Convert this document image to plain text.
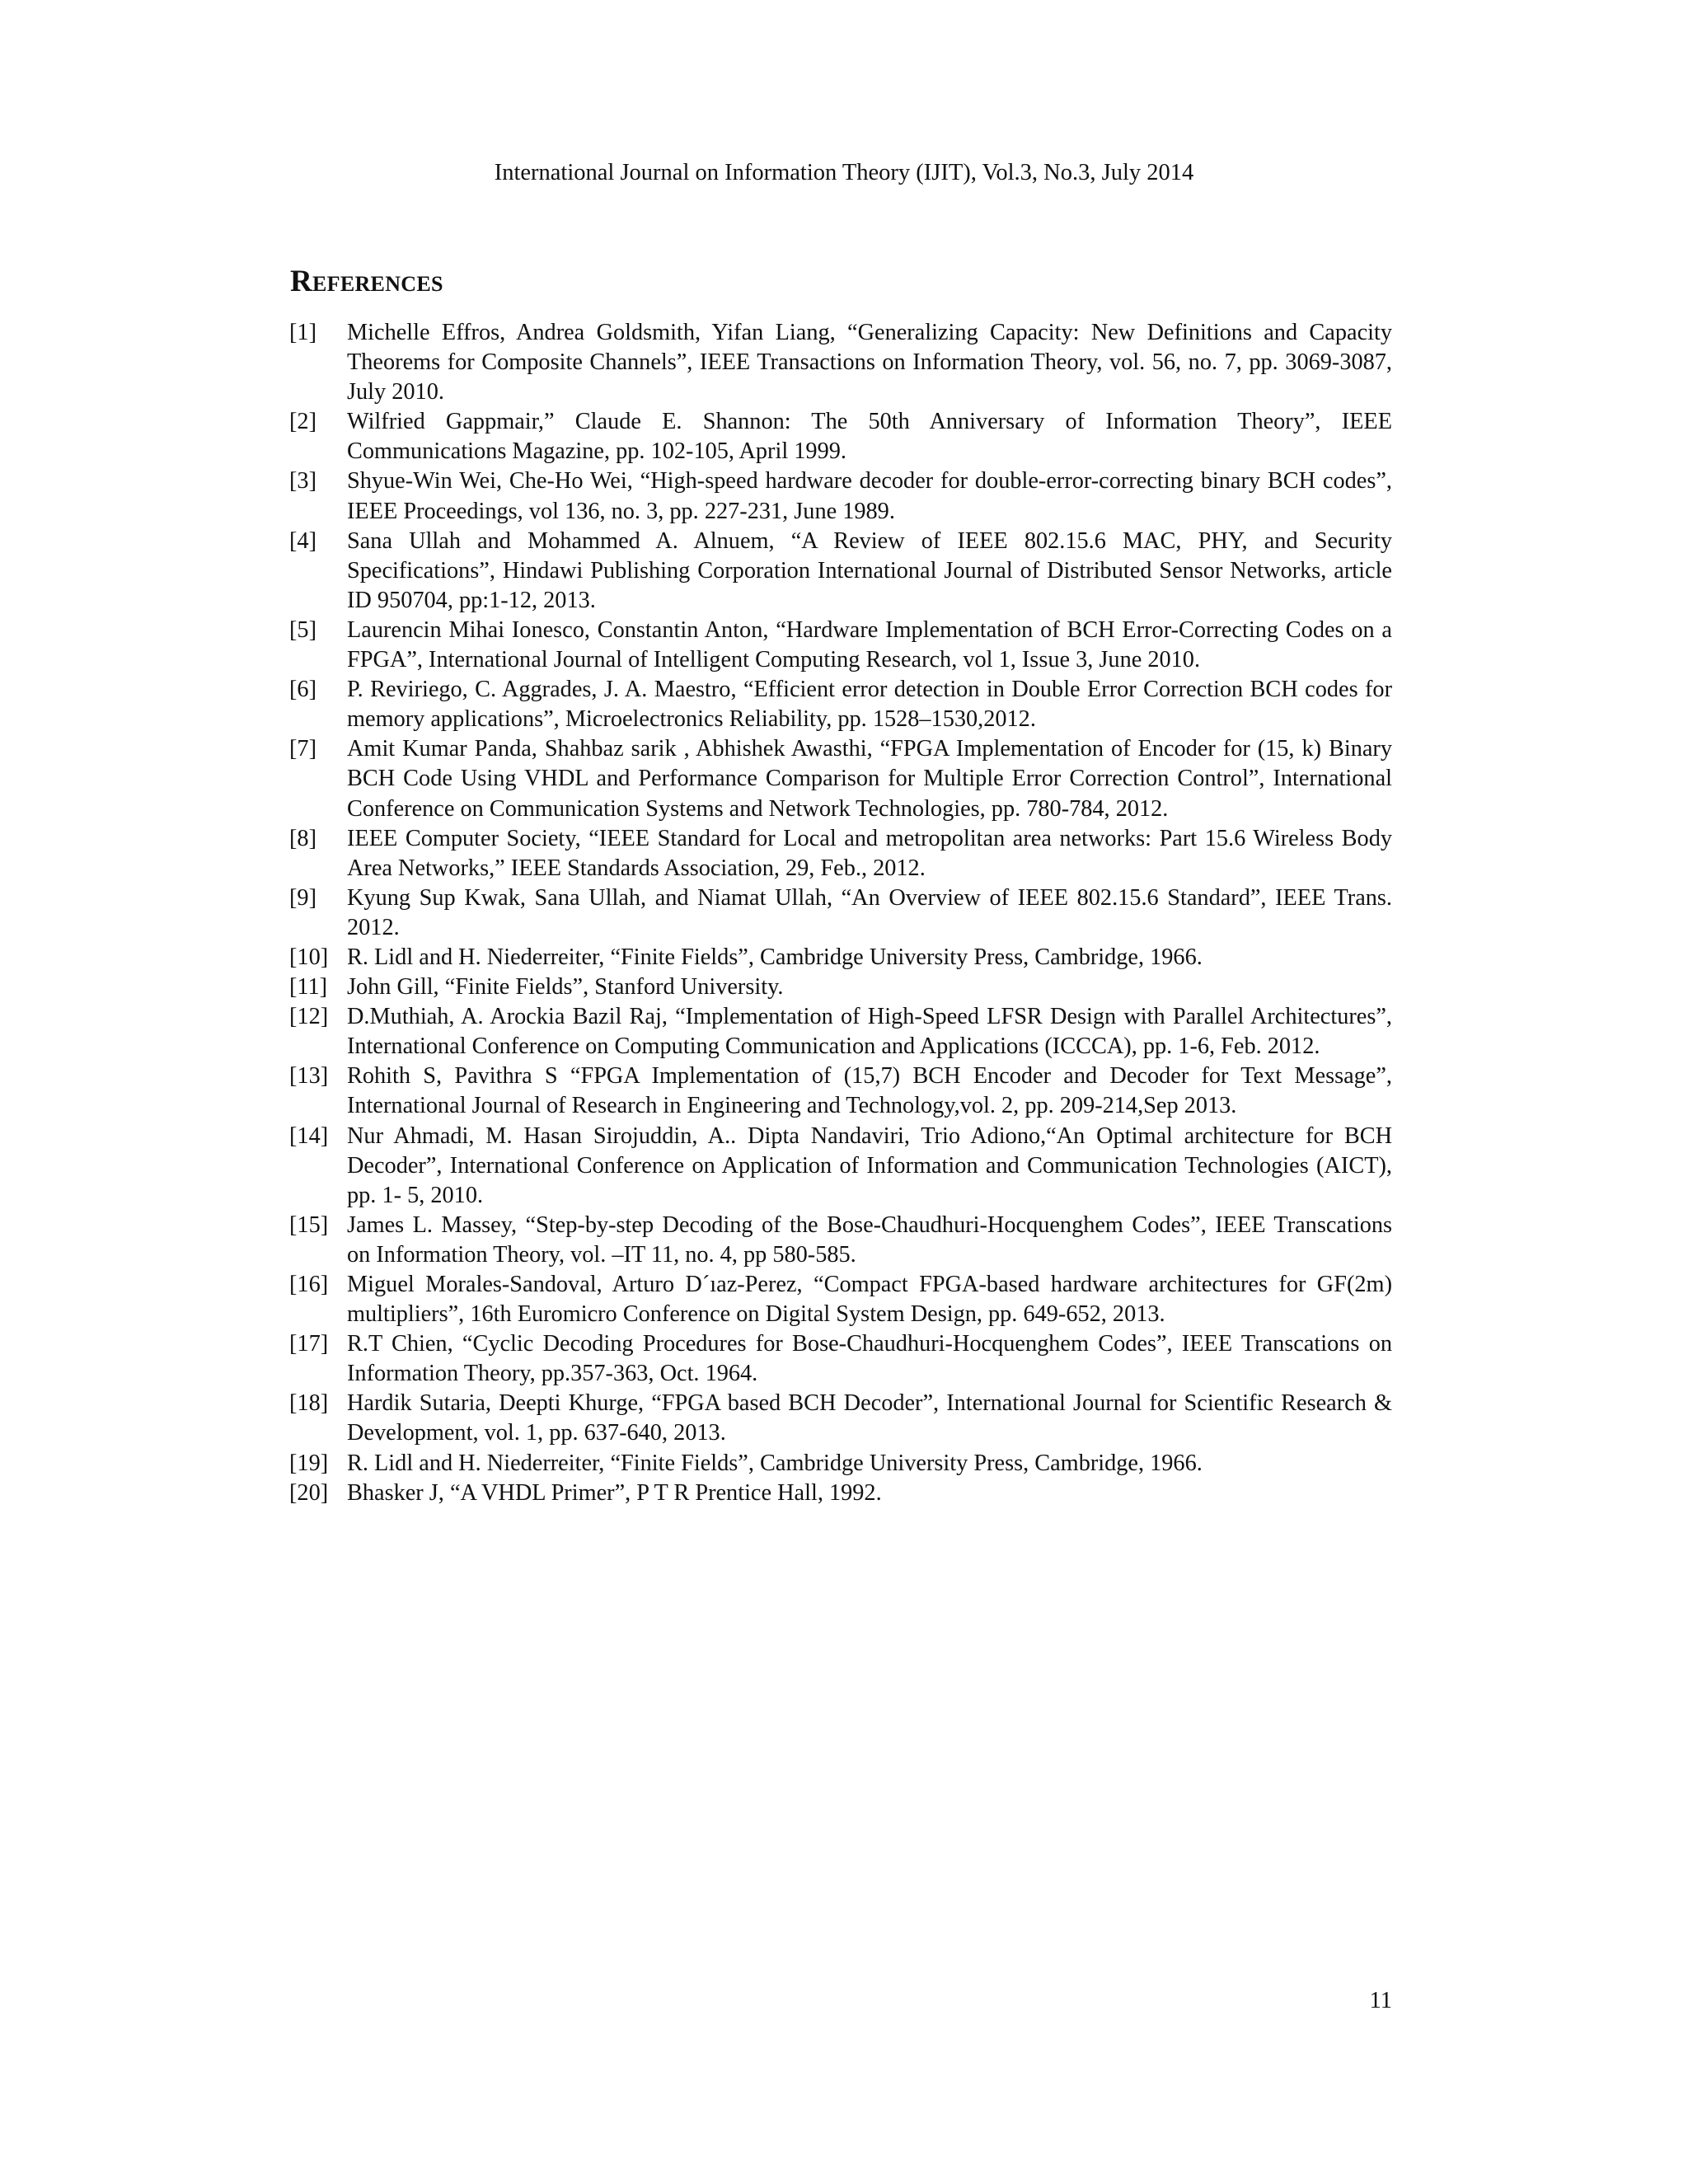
International Journal on Information Theory (IJIT), Vol.3, No.3, July 2014
References
[1] Michelle Effros, Andrea Goldsmith, Yifan Liang, “Generalizing Capacity: New Definitions and Capacity Theorems for Composite Channels”, IEEE Transactions on Information Theory, vol. 56, no. 7, pp. 3069-3087, July 2010.
[2] Wilfried Gappmair,” Claude E. Shannon: The 50th Anniversary of Information Theory”, IEEE Communications Magazine, pp. 102-105, April 1999.
[3] Shyue-Win Wei, Che-Ho Wei, “High-speed hardware decoder for double-error-correcting binary BCH codes”, IEEE Proceedings, vol 136, no. 3, pp. 227-231, June 1989.
[4] Sana Ullah and Mohammed A. Alnuem, “A Review of IEEE 802.15.6 MAC, PHY, and Security Specifications”, Hindawi Publishing Corporation International Journal of Distributed Sensor Networks, article ID 950704, pp:1-12, 2013.
[5] Laurencin Mihai Ionesco, Constantin Anton, “Hardware Implementation of BCH Error-Correcting Codes on a FPGA”, International Journal of Intelligent Computing Research, vol 1, Issue 3, June 2010.
[6] P. Reviriego, C. Aggrades, J. A. Maestro, “Efficient error detection in Double Error Correction BCH codes for memory applications”, Microelectronics Reliability, pp. 1528–1530,2012.
[7] Amit Kumar Panda, Shahbaz sarik , Abhishek Awasthi, “FPGA Implementation of Encoder for (15, k) Binary BCH Code Using VHDL and Performance Comparison for Multiple Error Correction Control”, International Conference on Communication Systems and Network Technologies, pp. 780-784, 2012.
[8] IEEE Computer Society, “IEEE Standard for Local and metropolitan area networks: Part 15.6 Wireless Body Area Networks,” IEEE Standards Association, 29, Feb., 2012.
[9] Kyung Sup Kwak, Sana Ullah, and Niamat Ullah, “An Overview of IEEE 802.15.6 Standard”, IEEE Trans. 2012.
[10] R. Lidl and H. Niederreiter, “Finite Fields”, Cambridge University Press, Cambridge, 1966.
[11] John Gill, “Finite Fields”, Stanford University.
[12] D.Muthiah, A. Arockia Bazil Raj, “Implementation of High-Speed LFSR Design with Parallel Architectures”, International Conference on Computing Communication and Applications (ICCCA), pp. 1-6, Feb. 2012.
[13] Rohith S, Pavithra S “FPGA Implementation of (15,7) BCH Encoder and Decoder for Text Message”, International Journal of Research in Engineering and Technology,vol. 2, pp. 209-214,Sep 2013.
[14] Nur Ahmadi, M. Hasan Sirojuddin, A.. Dipta Nandaviri, Trio Adiono,“An Optimal architecture for BCH Decoder”, International Conference on Application of Information and Communication Technologies (AICT), pp. 1- 5, 2010.
[15] James L. Massey, “Step-by-step Decoding of the Bose-Chaudhuri-Hocquenghem Codes”, IEEE Transcations on Information Theory, vol. –IT 11, no. 4, pp 580-585.
[16] Miguel Morales-Sandoval, Arturo D´ıaz-Perez, “Compact FPGA-based hardware architectures for GF(2m) multipliers”, 16th Euromicro Conference on Digital System Design, pp. 649-652, 2013.
[17] R.T Chien, “Cyclic Decoding Procedures for Bose-Chaudhuri-Hocquenghem Codes”, IEEE Transcations on Information Theory, pp.357-363, Oct. 1964.
[18] Hardik Sutaria, Deepti Khurge, “FPGA based BCH Decoder”, International Journal for Scientific Research & Development, vol. 1, pp. 637-640, 2013.
[19] R. Lidl and H. Niederreiter, “Finite Fields”, Cambridge University Press, Cambridge, 1966.
[20] Bhasker J, “A VHDL Primer”, P T R Prentice Hall, 1992.
11
